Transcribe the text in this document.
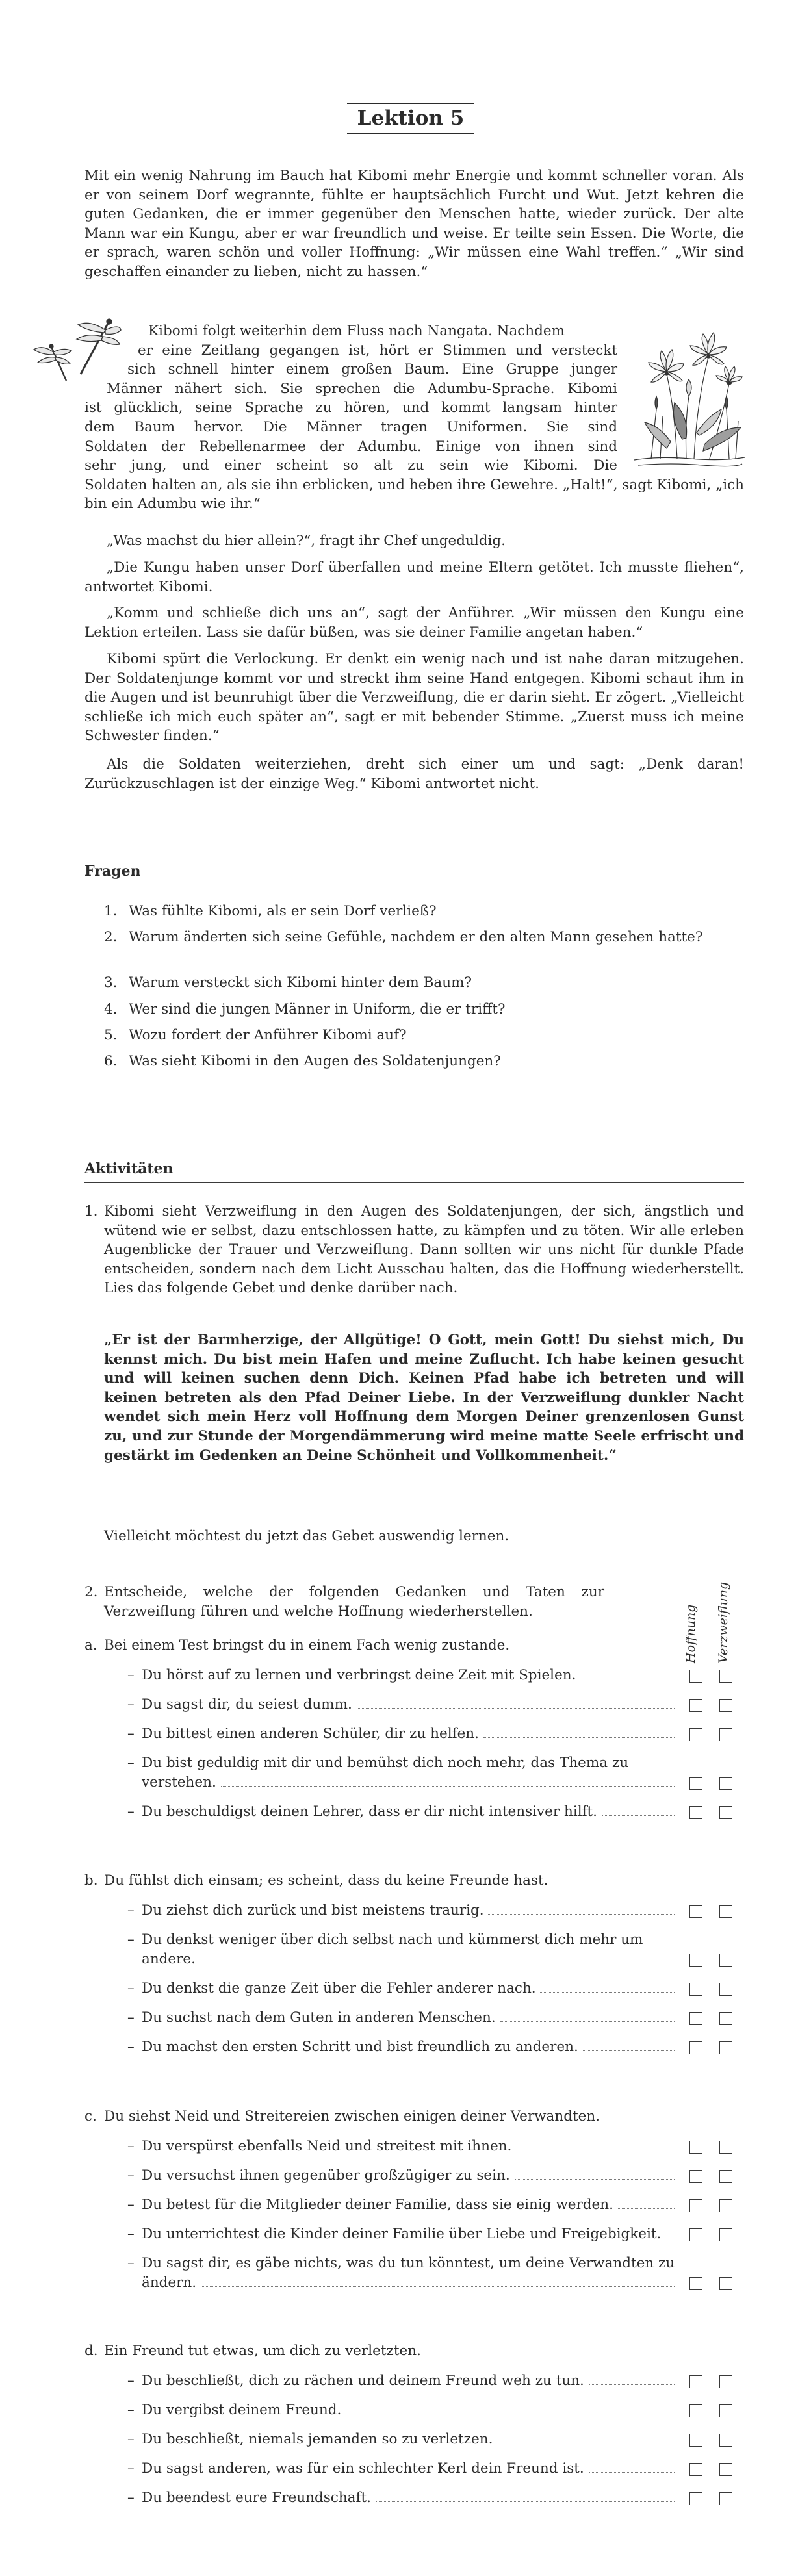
Lektion 5

Mit ein wenig Nahrung im Bauch hat Kibomi mehr Energie und kommt schneller voran. Als er von seinem Dorf wegrannte, fühlte er hauptsächlich Furcht und Wut. Jetzt kehren die guten Gedanken, die er immer gegenüber den Menschen hatte, wieder zurück. Der alte Mann war ein Kungu, aber er war freundlich und weise. Er teilte sein Essen. Die Worte, die er sprach, waren schön und voller Hoffnung: „Wir müssen eine Wahl treffen.“ „Wir sind geschaffen einander zu lieben, nicht zu hassen.“

Kibomi folgt weiterhin dem Fluss nach Nangata. Nachdem
er eine Zeitlang gegangen ist, hört er Stimmen und versteckt
sich schnell hinter einem großen Baum. Eine Gruppe junger
Männer nähert sich. Sie sprechen die Adumbu-Sprache. Kibomi
ist glücklich, seine Sprache zu hören, und kommt langsam hinter
dem Baum hervor. Die Männer tragen Uniformen. Sie sind
Soldaten der Rebellenarmee der Adumbu. Einige von ihnen sind
sehr jung, und einer scheint so alt zu sein wie Kibomi. Die

Soldaten halten an, als sie ihn erblicken, und heben ihre Gewehre. „Halt!“, sagt Kibomi, „ich bin ein Adumbu wie ihr.“

„Was machst du hier allein?“, fragt ihr Chef ungeduldig.

„Die Kungu haben unser Dorf überfallen und meine Eltern getötet. Ich musste fliehen“, antwortet Kibomi.

„Komm und schließe dich uns an“, sagt der Anführer. „Wir müssen den Kungu eine Lektion erteilen. Lass sie dafür büßen, was sie deiner Familie angetan haben.“

Kibomi spürt die Verlockung. Er denkt ein wenig nach und ist nahe daran mitzugehen. Der Soldatenjunge kommt vor und streckt ihm seine Hand entgegen. Kibomi schaut ihm in die Augen und ist beunruhigt über die Verzweiflung, die er darin sieht. Er zögert. „Vielleicht schließe ich mich euch später an“, sagt er mit bebender Stimme. „Zuerst muss ich meine Schwester finden.“

Als die Soldaten weiterziehen, dreht sich einer um und sagt: „Denk daran! Zurückzuschlagen ist der einzige Weg.“ Kibomi antwortet nicht.

Fragen
1. Was fühlte Kibomi, als er sein Dorf verließ?
2. Warum änderten sich seine Gefühle, nachdem er den alten Mann gesehen hatte?
3. Warum versteckt sich Kibomi hinter dem Baum?
4. Wer sind die jungen Männer in Uniform, die er trifft?
5. Wozu fordert der Anführer Kibomi auf?
6. Was sieht Kibomi in den Augen des Soldatenjungen?
Aktivitäten
1. Kibomi sieht Verzweiflung in den Augen des Soldatenjungen, der sich, ängstlich und wütend wie er selbst, dazu entschlossen hatte, zu kämpfen und zu töten. Wir alle erleben Augenblicke der Trauer und Verzweiflung. Dann sollten wir uns nicht für dunkle Pfade entscheiden, sondern nach dem Licht Ausschau halten, das die Hoffnung wiederherstellt. Lies das folgende Gebet und denke darüber nach.

„Er ist der Barmherzige, der Allgütige! O Gott, mein Gott! Du siehst mich, Du kennst mich. Du bist mein Hafen und meine Zuflucht. Ich habe keinen gesucht und will keinen suchen denn Dich. Keinen Pfad habe ich betreten und will keinen betreten als den Pfad Deiner Liebe. In der Verzweiflung dunkler Nacht wendet sich mein Herz voll Hoffnung dem Morgen Deiner grenzenlosen Gunst zu, und zur Stunde der Morgendämmerung wird meine matte Seele erfrischt und gestärkt im Gedenken an Deine Schönheit und Vollkommenheit.“

Vielleicht möchtest du jetzt das Gebet auswendig lernen.

2. Entscheide, welche der folgenden Gedanken und Taten zur Verzweiflung führen und welche Hoffnung wiederherstellen.	Hoffnung Verzweiflung
a. Bei einem Test bringst du in einem Fach wenig zustande.
– Du hörst auf zu lernen und verbringst deine Zeit mit Spielen.
– Du sagst dir, du seiest dumm.
– Du bittest einen anderen Schüler, dir zu helfen.
– Du bist geduldig mit dir und bemühst dich noch mehr, das Thema zu verstehen.
– Du beschuldigst deinen Lehrer, dass er dir nicht intensiver hilft.
b. Du fühlst dich einsam; es scheint, dass du keine Freunde hast.
– Du ziehst dich zurück und bist meistens traurig.
– Du denkst weniger über dich selbst nach und kümmerst dich mehr um andere.
– Du denkst die ganze Zeit über die Fehler anderer nach.
– Du suchst nach dem Guten in anderen Menschen.
– Du machst den ersten Schritt und bist freundlich zu anderen.
c. Du siehst Neid und Streitereien zwischen einigen deiner Verwandten.
– Du verspürst ebenfalls Neid und streitest mit ihnen.
– Du versuchst ihnen gegenüber großzügiger zu sein.
– Du betest für die Mitglieder deiner Familie, dass sie einig werden.
– Du unterrichtest die Kinder deiner Familie über Liebe und Freigebigkeit.
– Du sagst dir, es gäbe nichts, was du tun könntest, um deine Verwandten zu ändern.
d. Ein Freund tut etwas, um dich zu verletzten.
– Du beschließt, dich zu rächen und deinem Freund weh zu tun.
– Du vergibst deinem Freund.
– Du beschließt, niemals jemanden so zu verletzen.
– Du sagst anderen, was für ein schlechter Kerl dein Freund ist.
– Du beendest eure Freundschaft.
